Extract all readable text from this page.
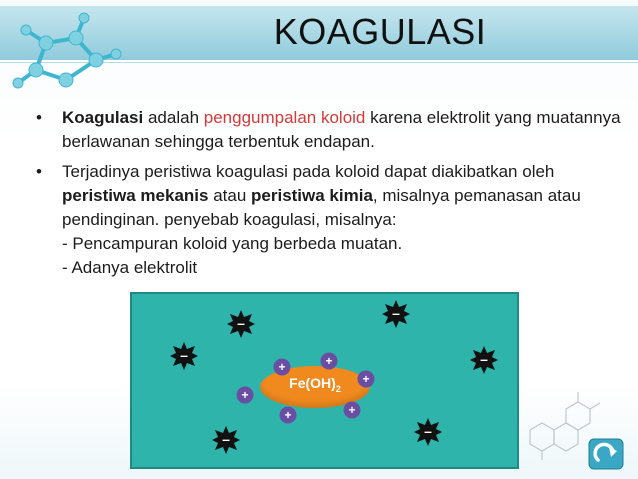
KOAGULASI
• Koagulasi adalah penggumpalan koloid karena elektrolit yang muatannya berlawanan sehingga terbentuk endapan.
• Terjadinya peristiwa koagulasi pada koloid dapat diakibatkan oleh peristiwa mekanis atau peristiwa kimia, misalnya pemanasan atau pendinginan. penyebab koagulasi, misalnya:
- Pencampuran koloid yang berbeda muatan.
- Adanya elektrolit
–
–
–	–
–
–
$Fe(OH)_2$
+	+
+
+
+
+
